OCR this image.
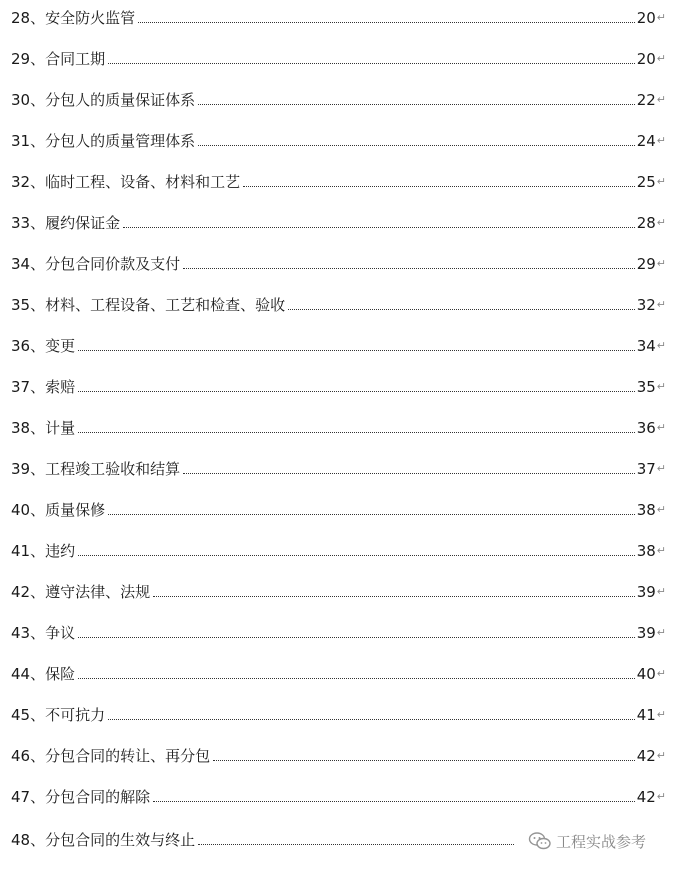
28、安全防火监管	20 ↵
29、合同工期	20 ↵
30、分包人的质量保证体系	22 ↵
31、分包人的质量管理体系	24 ↵
32、临时工程、设备、材料和工艺	25 ↵
33、履约保证金	28 ↵
34、分包合同价款及支付	29 ↵
35、材料、工程设备、工艺和检查、验收	32 ↵
36、变更	34 ↵
37、索赔	35 ↵
38、计量	36 ↵
39、工程竣工验收和结算	37 ↵
40、质量保修	38 ↵
41、违约	38 ↵
42、遵守法律、法规	39 ↵
43、争议	39 ↵
44、保险	40 ↵
45、不可抗力	41 ↵
46、分包合同的转让、再分包	42 ↵
47、分包合同的解除	42 ↵
48、分包合同的生效与终止	工程实战参考
